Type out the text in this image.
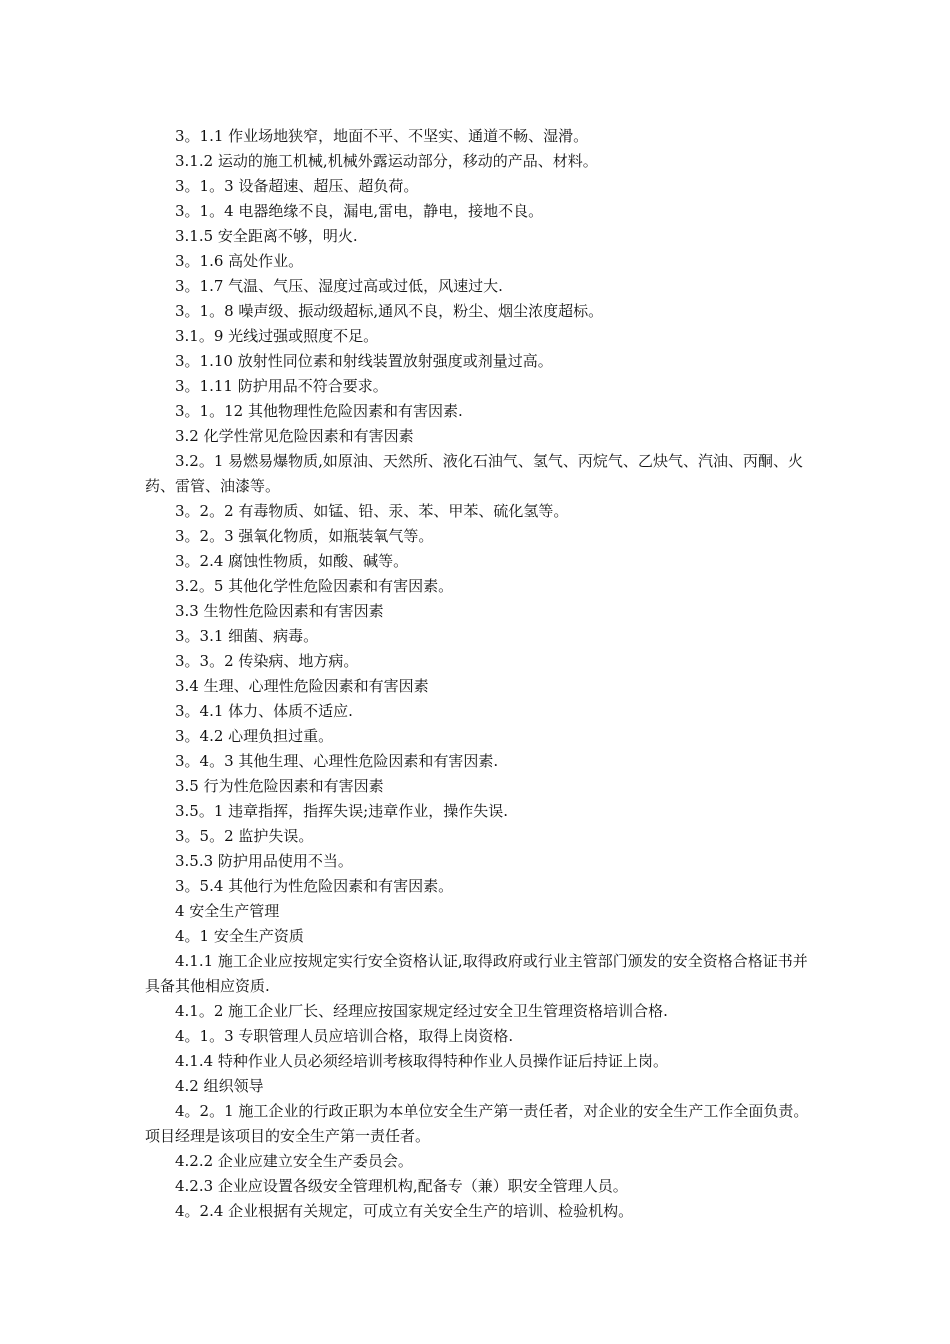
3。1.1 作业场地狭窄，地面不平、不坚实、通道不畅、湿滑。

3.1.2 运动的施工机械,机械外露运动部分，移动的产品、材料。

3。1。3 设备超速、超压、超负荷。

3。1。4 电器绝缘不良，漏电,雷电，静电，接地不良。

3.1.5 安全距离不够，明火.

3。1.6 高处作业。

3。1.7 气温、气压、湿度过高或过低，风速过大.

3。1。8 噪声级、振动级超标,通风不良，粉尘、烟尘浓度超标。

3.1。9 光线过强或照度不足。

3。1.10 放射性同位素和射线装置放射强度或剂量过高。

3。1.11 防护用品不符合要求。

3。1。12 其他物理性危险因素和有害因素.

3.2 化学性常见危险因素和有害因素

3.2。1 易燃易爆物质,如原油、天然所、液化石油气、氢气、丙烷气、乙炔气、汽油、丙酮、火药、雷管、油漆等。

3。2。2 有毒物质、如锰、铅、汞、苯、甲苯、硫化氢等。

3。2。3 强氧化物质，如瓶装氧气等。

3。2.4 腐蚀性物质，如酸、碱等。

3.2。5 其他化学性危险因素和有害因素。

3.3 生物性危险因素和有害因素

3。3.1 细菌、病毒。

3。3。2 传染病、地方病。

3.4 生理、心理性危险因素和有害因素

3。4.1 体力、体质不适应.

3。4.2 心理负担过重。

3。4。3 其他生理、心理性危险因素和有害因素.

3.5 行为性危险因素和有害因素

3.5。1 违章指挥，指挥失误;违章作业，操作失误.

3。5。2 监护失误。

3.5.3 防护用品使用不当。

3。5.4 其他行为性危险因素和有害因素。

4 安全生产管理

4。1 安全生产资质

4.1.1 施工企业应按规定实行安全资格认证,取得政府或行业主管部门颁发的安全资格合格证书并具备其他相应资质.

4.1。2 施工企业厂长、经理应按国家规定经过安全卫生管理资格培训合格.

4。1。3 专职管理人员应培训合格，取得上岗资格.

4.1.4 特种作业人员必须经培训考核取得特种作业人员操作证后持证上岗。

4.2 组织领导

4。2。1 施工企业的行政正职为本单位安全生产第一责任者，对企业的安全生产工作全面负责。项目经理是该项目的安全生产第一责任者。

4.2.2 企业应建立安全生产委员会。

4.2.3 企业应设置各级安全管理机构,配备专（兼）职安全管理人员。

4。2.4 企业根据有关规定，可成立有关安全生产的培训、检验机构。
